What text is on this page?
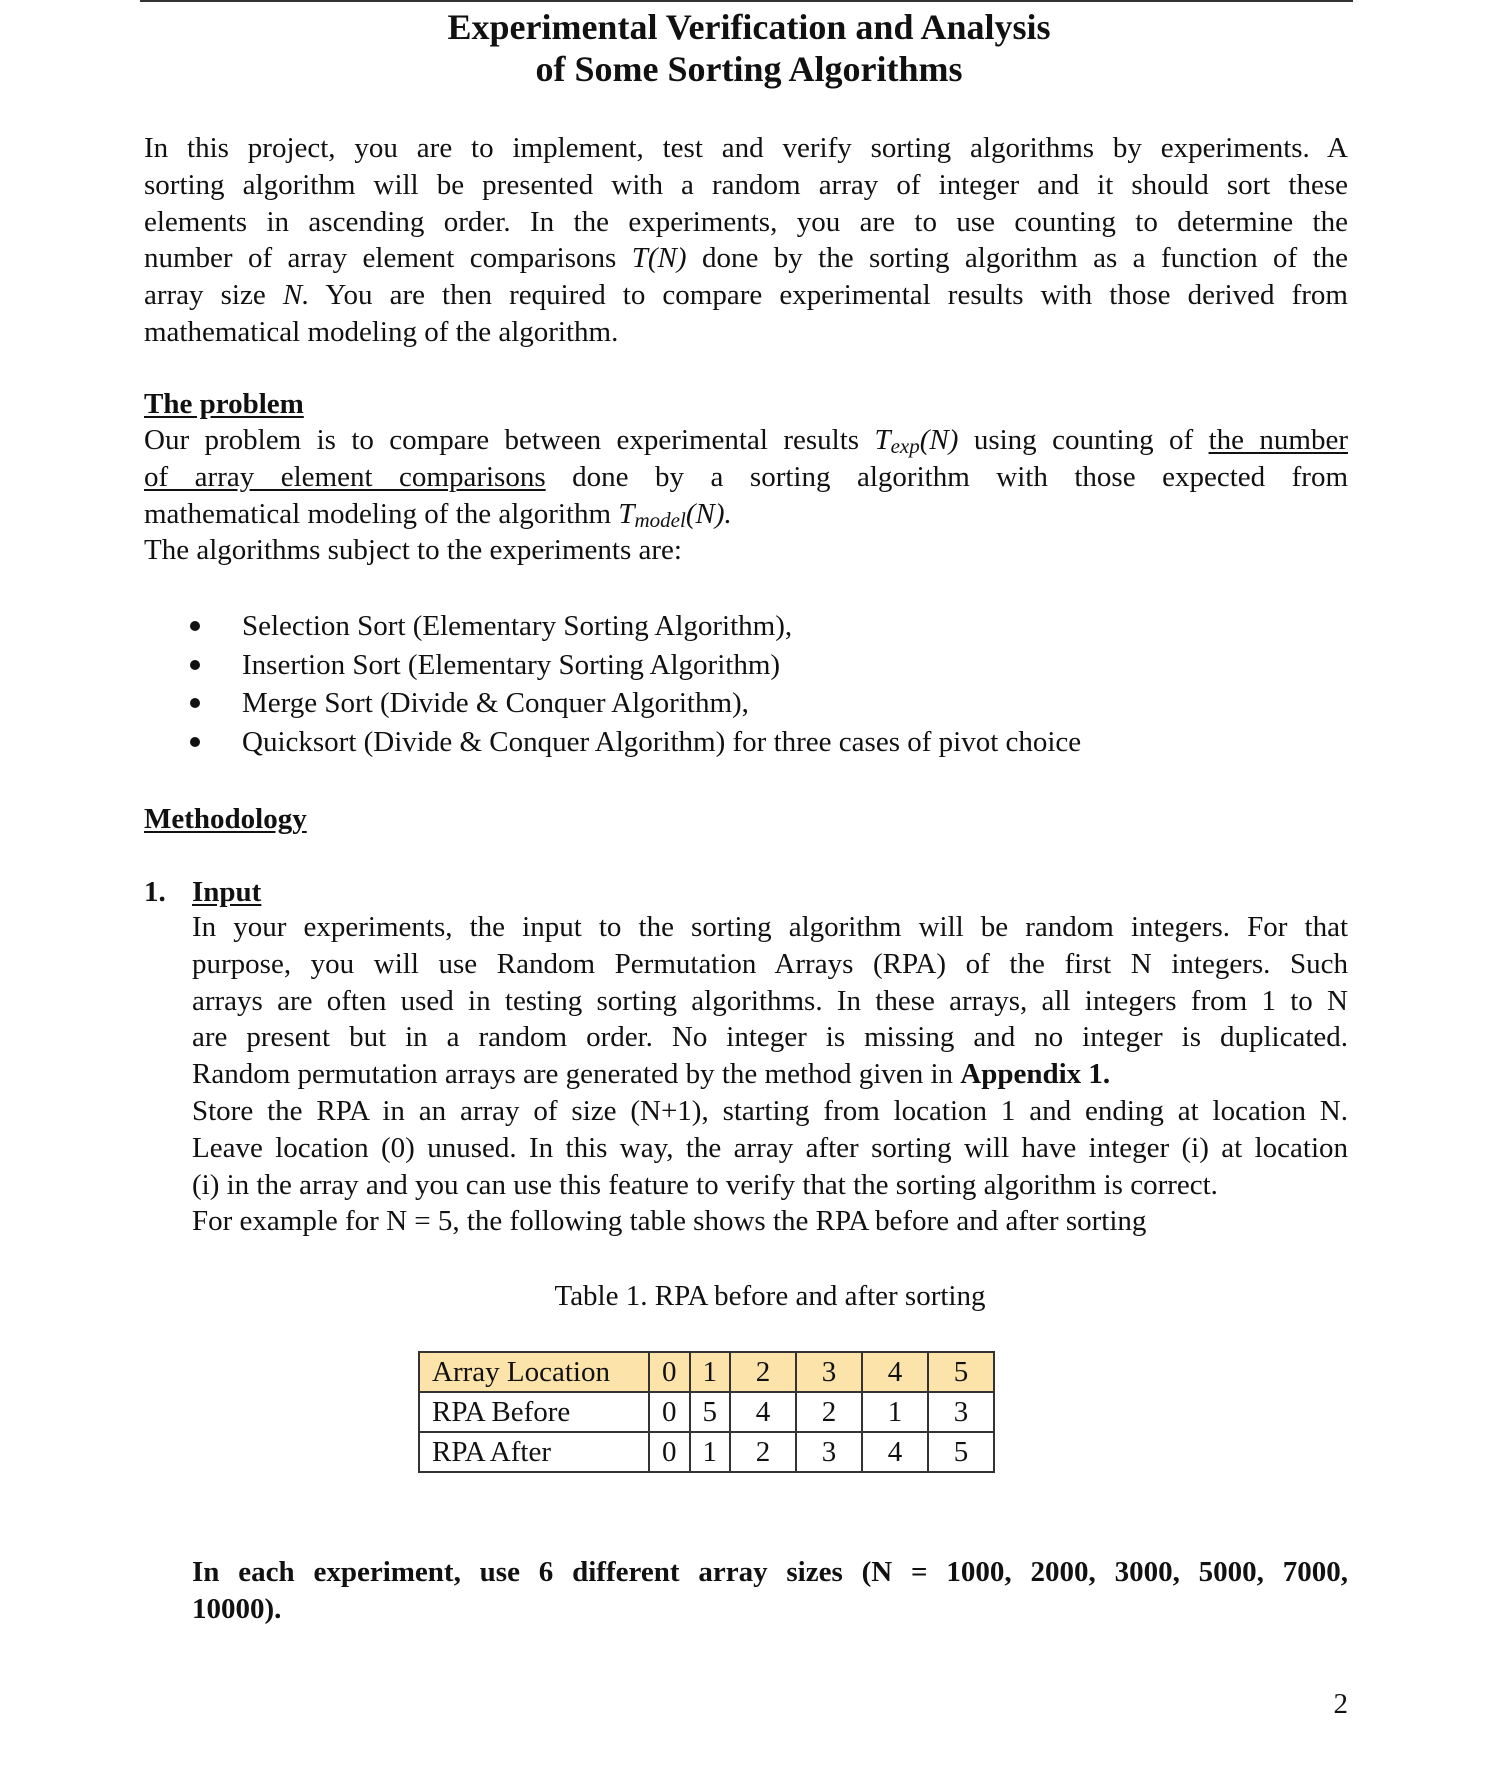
Experimental Verification and Analysis
of Some Sorting Algorithms
In this project, you are to implement, test and verify sorting algorithms by experiments. A
sorting algorithm will be presented with a random array of integer and it should sort these
elements in ascending order. In the experiments, you are to use counting to determine the
number of array element comparisons T(N) done by the sorting algorithm as a function of the
array size N. You are then required to compare experimental results with those derived from
mathematical modeling of the algorithm.
The problem
Our problem is to compare between experimental results $T_{exp}(N)$ using counting of the number
of array element comparisons done by a sorting algorithm with those expected from
mathematical modeling of the algorithm $T_{model}(N)$.
The algorithms subject to the experiments are:
Selection Sort (Elementary Sorting Algorithm),
Insertion Sort (Elementary Sorting Algorithm)
Merge Sort (Divide & Conquer Algorithm),
Quicksort (Divide & Conquer Algorithm) for three cases of pivot choice
Methodology
1. Input
In your experiments, the input to the sorting algorithm will be random integers. For that
purpose, you will use Random Permutation Arrays (RPA) of the first N integers. Such
arrays are often used in testing sorting algorithms. In these arrays, all integers from 1 to N
are present but in a random order. No integer is missing and no integer is duplicated.
Random permutation arrays are generated by the method given in Appendix 1.
Store the RPA in an array of size (N+1), starting from location 1 and ending at location N.
Leave location (0) unused. In this way, the array after sorting will have integer (i) at location
(i) in the array and you can use this feature to verify that the sorting algorithm is correct.
For example for N = 5, the following table shows the RPA before and after sorting
Table 1. RPA before and after sorting
Array Location	0	1	2	3	4	5
RPA Before	0	5	4	2	1	3
RPA After	0	1	2	3	4	5
In each experiment, use 6 different array sizes (N = 1000, 2000, 3000, 5000, 7000,
10000).
2
